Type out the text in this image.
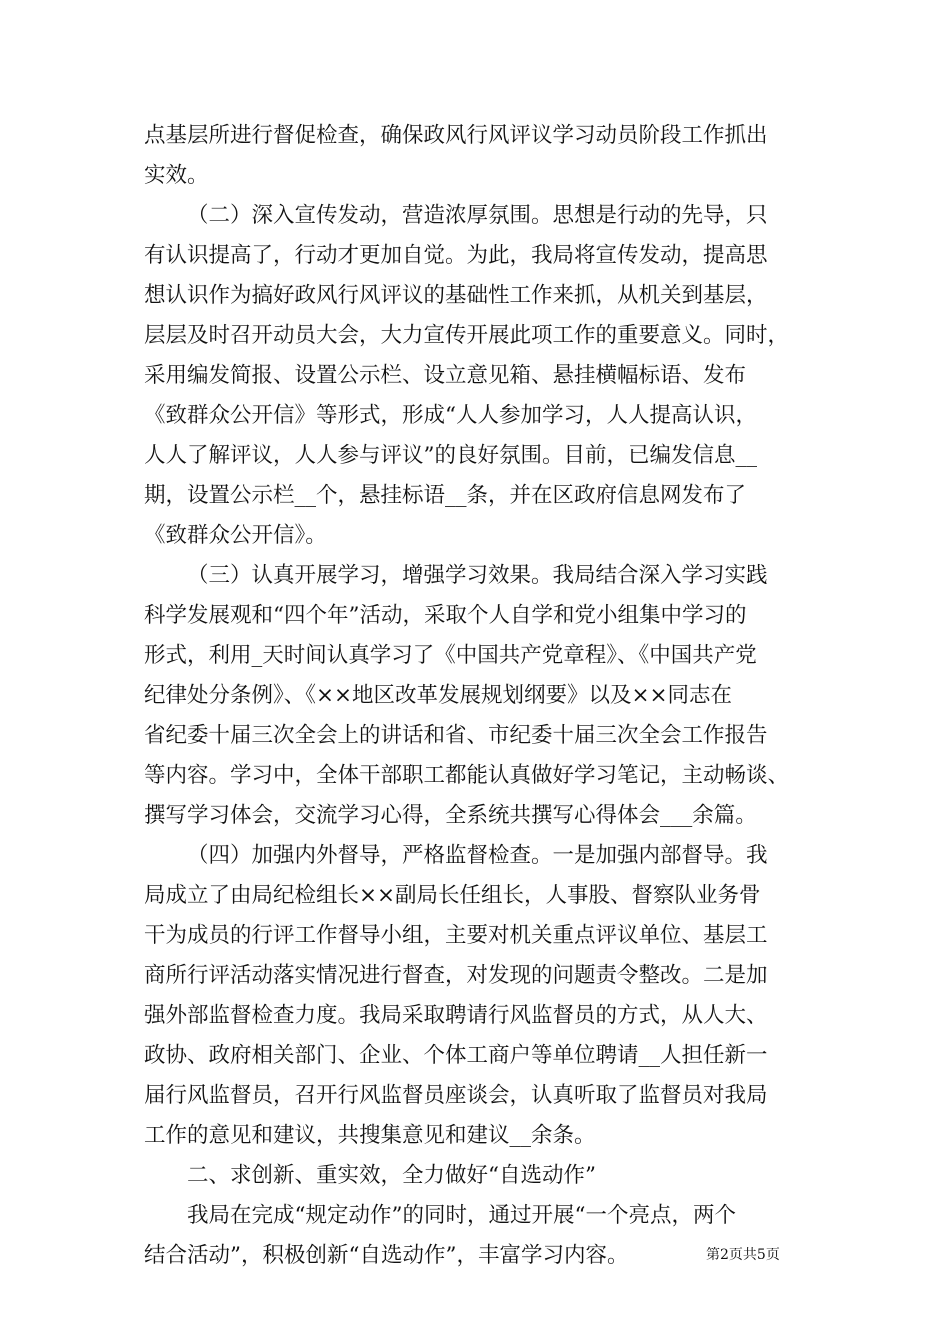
点基层所进行督促检查，确保政风行风评议学习动员阶段工作抓出
实效。
（二）深入宣传发动，营造浓厚氛围。思想是行动的先导，只
有认识提高了，行动才更加自觉。为此，我局将宣传发动，提高思
想认识作为搞好政风行风评议的基础性工作来抓，从机关到基层，
层层及时召开动员大会，大力宣传开展此项工作的重要意义。同时，
采用编发简报、设置公示栏、设立意见箱、悬挂横幅标语、发布
《致群众公开信》等形式，形成“人人参加学习，人人提高认识，
人人了解评议，人人参与评议”的良好氛围。目前，已编发信息__
期，设置公示栏__个，悬挂标语__条，并在区政府信息网发布了
《致群众公开信》。
（三）认真开展学习，增强学习效果。我局结合深入学习实践
科学发展观和“四个年”活动，采取个人自学和党小组集中学习的
形式，利用_天时间认真学习了《中国共产党章程》、《中国共产党
纪律处分条例》、《××地区改革发展规划纲要》以及××同志在
省纪委十届三次全会上的讲话和省、市纪委十届三次全会工作报告
等内容。学习中，全体干部职工都能认真做好学习笔记，主动畅谈、
撰写学习体会，交流学习心得，全系统共撰写心得体会___余篇。
（四）加强内外督导，严格监督检查。一是加强内部督导。我
局成立了由局纪检组长××副局长任组长，人事股、督察队业务骨
干为成员的行评工作督导小组，主要对机关重点评议单位、基层工
商所行评活动落实情况进行督查，对发现的问题责令整改。二是加
强外部监督检查力度。我局采取聘请行风监督员的方式，从人大、
政协、政府相关部门、企业、个体工商户等单位聘请__人担任新一
届行风监督员，召开行风监督员座谈会，认真听取了监督员对我局
工作的意见和建议，共搜集意见和建议__余条。
二、求创新、重实效，全力做好“自选动作”
我局在完成“规定动作”的同时，通过开展“一个亮点，两个
结合活动”，积极创新“自选动作”，丰富学习内容。	第2页共5页
